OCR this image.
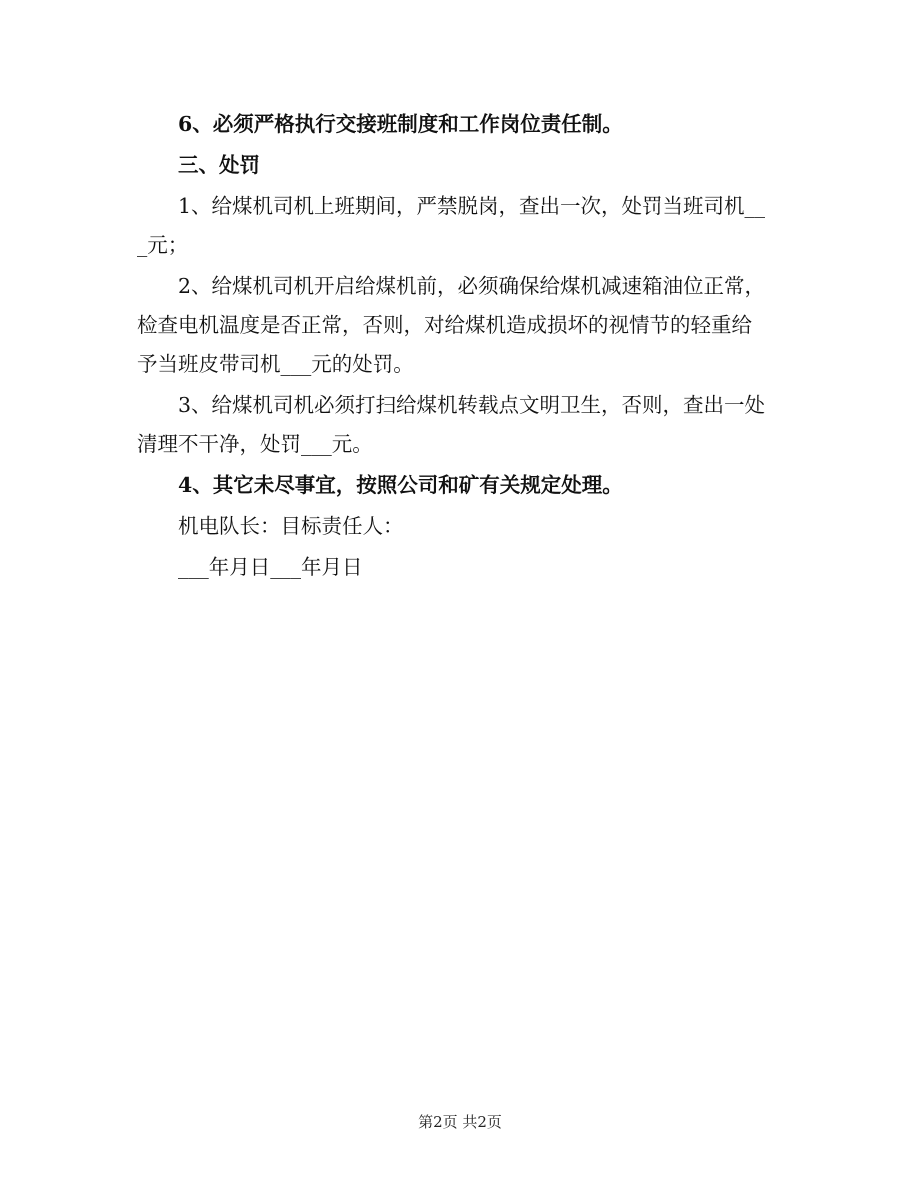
6、必须严格执行交接班制度和工作岗位责任制。
三、处罚
1、给煤机司机上班期间，严禁脱岗，查出一次，处罚当班司机__
_元；
2、给煤机司机开启给煤机前，必须确保给煤机减速箱油位正常，
检查电机温度是否正常，否则，对给煤机造成损坏的视情节的轻重给
予当班皮带司机___元的处罚。
3、给煤机司机必须打扫给煤机转载点文明卫生，否则，查出一处
清理不干净，处罚___元。
4、其它未尽事宜，按照公司和矿有关规定处理。
机电队长：目标责任人：
___年月日___年月日
第2页 共2页
